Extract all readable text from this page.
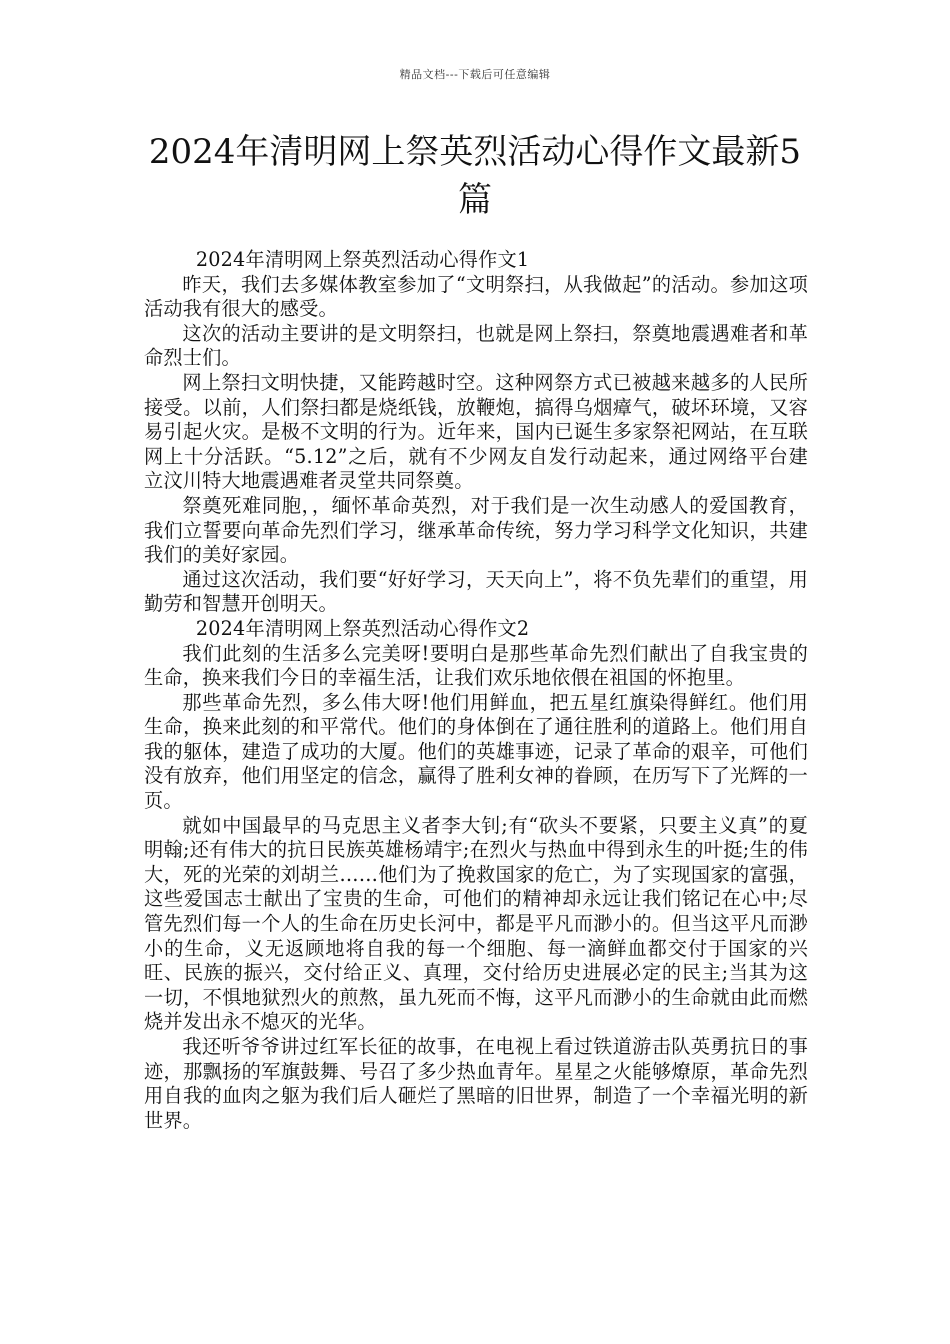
精品文档---下载后可任意编辑
2024年清明网上祭英烈活动心得作文最新5篇

2024年清明网上祭英烈活动心得作文1

昨天，我们去多媒体教室参加了“文明祭扫，从我做起”的活动。参加这项活动我有很大的感受。

这次的活动主要讲的是文明祭扫，也就是网上祭扫，祭奠地震遇难者和革命烈士们。

网上祭扫文明快捷，又能跨越时空。这种网祭方式已被越来越多的人民所接受。以前，人们祭扫都是烧纸钱，放鞭炮，搞得乌烟瘴气，破坏环境，又容易引起火灾。是极不文明的行为。近年来，国内已诞生多家祭祀网站，在互联网上十分活跃。“5.12”之后，就有不少网友自发行动起来，通过网络平台建立汶川特大地震遇难者灵堂共同祭奠。

祭奠死难同胞，，缅怀革命英烈，对于我们是一次生动感人的爱国教育，我们立誓要向革命先烈们学习，继承革命传统，努力学习科学文化知识，共建我们的美好家园。

通过这次活动，我们要“好好学习，天天向上”，将不负先辈们的重望，用勤劳和智慧开创明天。

2024年清明网上祭英烈活动心得作文2

我们此刻的生活多么完美呀!要明白是那些革命先烈们献出了自我宝贵的生命，换来我们今日的幸福生活，让我们欢乐地依偎在祖国的怀抱里。

那些革命先烈，多么伟大呀!他们用鲜血，把五星红旗染得鲜红。他们用生命，换来此刻的和平常代。他们的身体倒在了通往胜利的道路上。他们用自我的躯体，建造了成功的大厦。他们的英雄事迹，记录了革命的艰辛，可他们没有放弃，他们用坚定的信念，赢得了胜利女神的眷顾，在历写下了光辉的一页。

就如中国最早的马克思主义者李大钊;有“砍头不要紧，只要主义真”的夏明翰;还有伟大的抗日民族英雄杨靖宇;在烈火与热血中得到永生的叶挺;生的伟大，死的光荣的刘胡兰……他们为了挽救国家的危亡，为了实现国家的富强，这些爱国志士献出了宝贵的生命，可他们的精神却永远让我们铭记在心中;尽管先烈们每一个人的生命在历史长河中，都是平凡而渺小的。但当这平凡而渺小的生命，义无返顾地将自我的每一个细胞、每一滴鲜血都交付于国家的兴旺、民族的振兴，交付给正义、真理，交付给历史进展必定的民主;当其为这一切，不惧地狱烈火的煎熬，虽九死而不悔，这平凡而渺小的生命就由此而燃烧并发出永不熄灭的光华。

我还听爷爷讲过红军长征的故事，在电视上看过铁道游击队英勇抗日的事迹，那飘扬的军旗鼓舞、号召了多少热血青年。星星之火能够燎原，革命先烈用自我的血肉之躯为我们后人砸烂了黑暗的旧世界，制造了一个幸福光明的新世界。
